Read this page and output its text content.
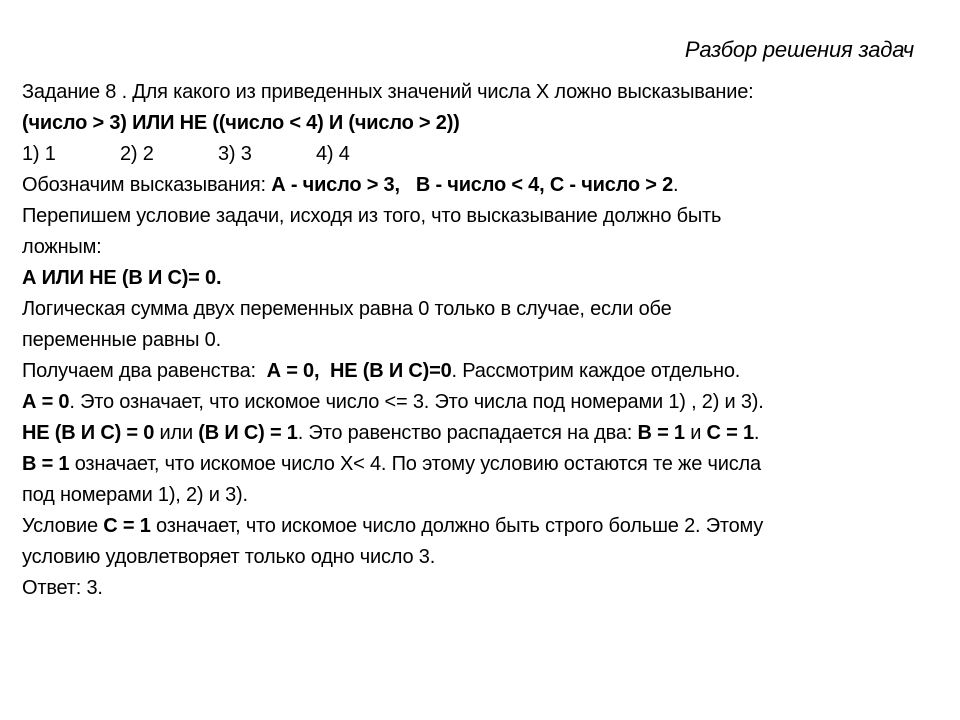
Разбор решения задач

Задание 8 . Для какого из приведенных значений числа X ложно высказывание:

(число > 3) ИЛИ НЕ ((число < 4) И (число > 2))

1) 1	2) 2	3) 3	4) 4

Обозначим высказывания: А - число > 3,   В - число < 4, С - число > 2.

Перепишем условие задачи, исходя из того, что высказывание должно быть
ложным:

А ИЛИ НЕ (В И С)= 0.

Логическая сумма двух переменных равна 0 только в случае, если обе
переменные равны 0.

Получаем два равенства:  А = 0,  НЕ (В И С)=0. Рассмотрим каждое отдельно.

А = 0. Это означает, что искомое число <= 3. Это числа под номерами 1) , 2) и 3).

НЕ (В И С) = 0 или (В И С) = 1. Это равенство распадается на два: В = 1 и С = 1.

В = 1 означает, что искомое число Х< 4. По этому условию остаются те же числа
под номерами 1), 2) и 3).

Условие С = 1 означает, что искомое число должно быть строго больше 2. Этому
условию удовлетворяет только одно число 3.

Ответ: 3.
